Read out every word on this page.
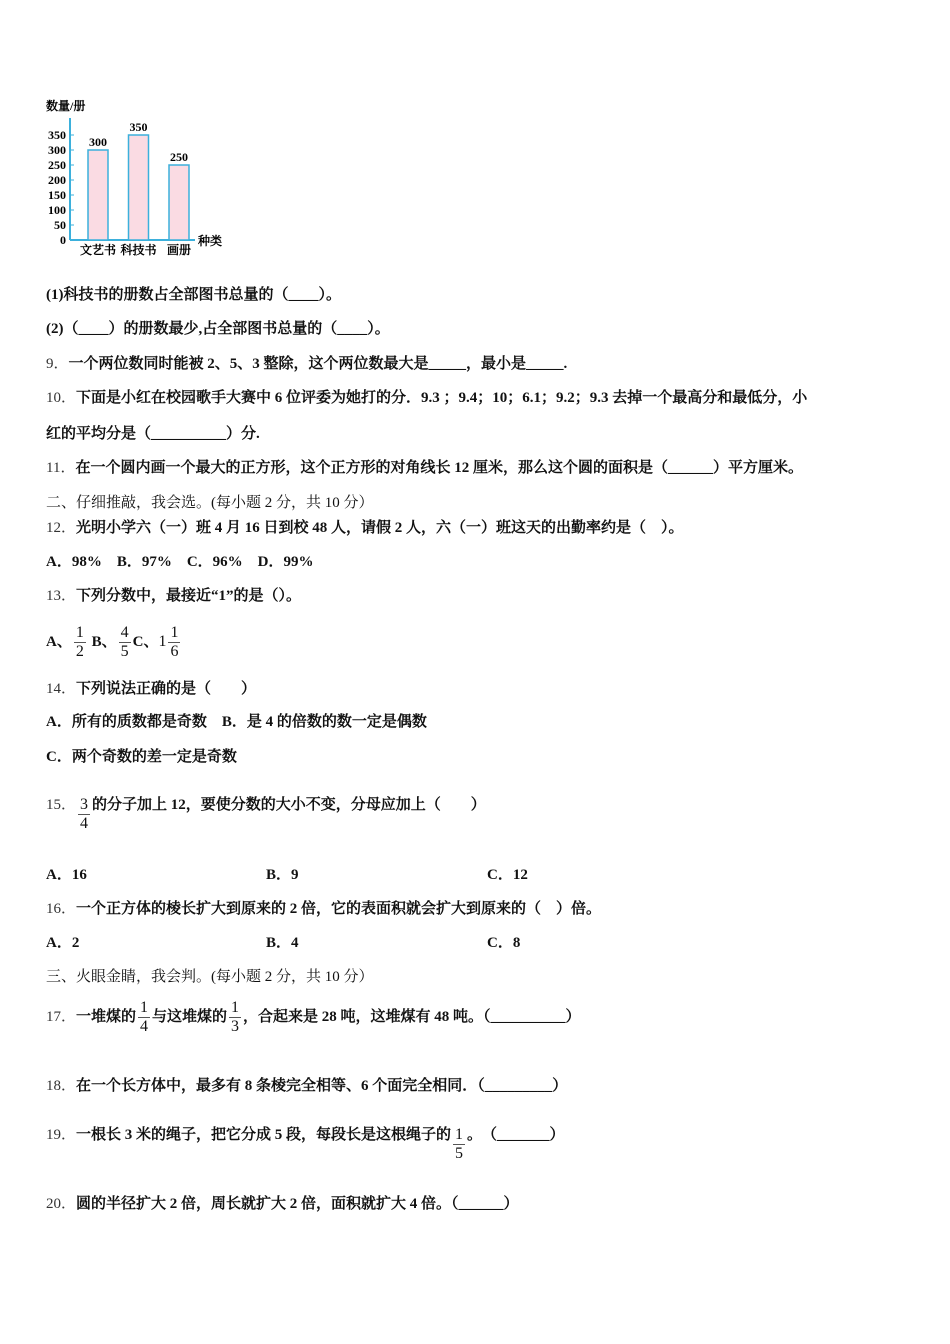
数量/册
0
50
100
150
200
250
300
350 300
文艺书
350
科技书
250
画册
种类
(1)科技书的册数占全部图书总量的（____）。
(2)（____）的册数最少,占全部图书总量的（____）。
9．一个两位数同时能被 2、5、3 整除，这个两位数最大是_____，最小是_____.
10．下面是小红在校园歌手大赛中 6 位评委为她打的分．9.3 ；9.4；10；6.1；9.2；9.3 去掉一个最高分和最低分，小
红的平均分是（__________）分.
11．在一个圆内画一个最大的正方形，这个正方形的对角线长 12 厘米，那么这个圆的面积是（______）平方厘米。
二、仔细推敲，我会选。(每小题 2 分，共 10 分）
12．光明小学六（一）班 4 月 16 日到校 48 人，请假 2 人，六（一）班这天的出勤率约是（　）。
A．98%　B．97%　C．96%　D．99%
13．下列分数中，最接近“1”的是（）。
A、 $\frac{1}{2}$ B、 $\frac{4}{5}$ C、$1 \frac{1}{6}$
14．下列说法正确的是（　　）
A．所有的质数都是奇数　B．是 4 的倍数的数一定是偶数
C．两个奇数的差一定是奇数
15． $\frac{3}{4}$ 的分子加上 12，要使分数的大小不变，分母应加上（　　）
A．16	B．9	C．12
16．一个正方体的棱长扩大到原来的 2 倍，它的表面积就会扩大到原来的（　）倍。
A．2	B．4	C．8
三、火眼金睛，我会判。(每小题 2 分，共 10 分）
17．一堆煤的 $\frac{1}{4}$ 与这堆煤的 $\frac{1}{3}$ ，合起来是 28 吨，这堆煤有 48 吨。（__________）
18．在一个长方体中，最多有 8 条棱完全相等、6 个面完全相同．（_________）
19．一根长 3 米的绳子，把它分成 5 段，每段长是这根绳子的 $\frac{1}{5}$ 。　（_______）
20．圆的半径扩大 2 倍，周长就扩大 2 倍，面积就扩大 4 倍。（______）
